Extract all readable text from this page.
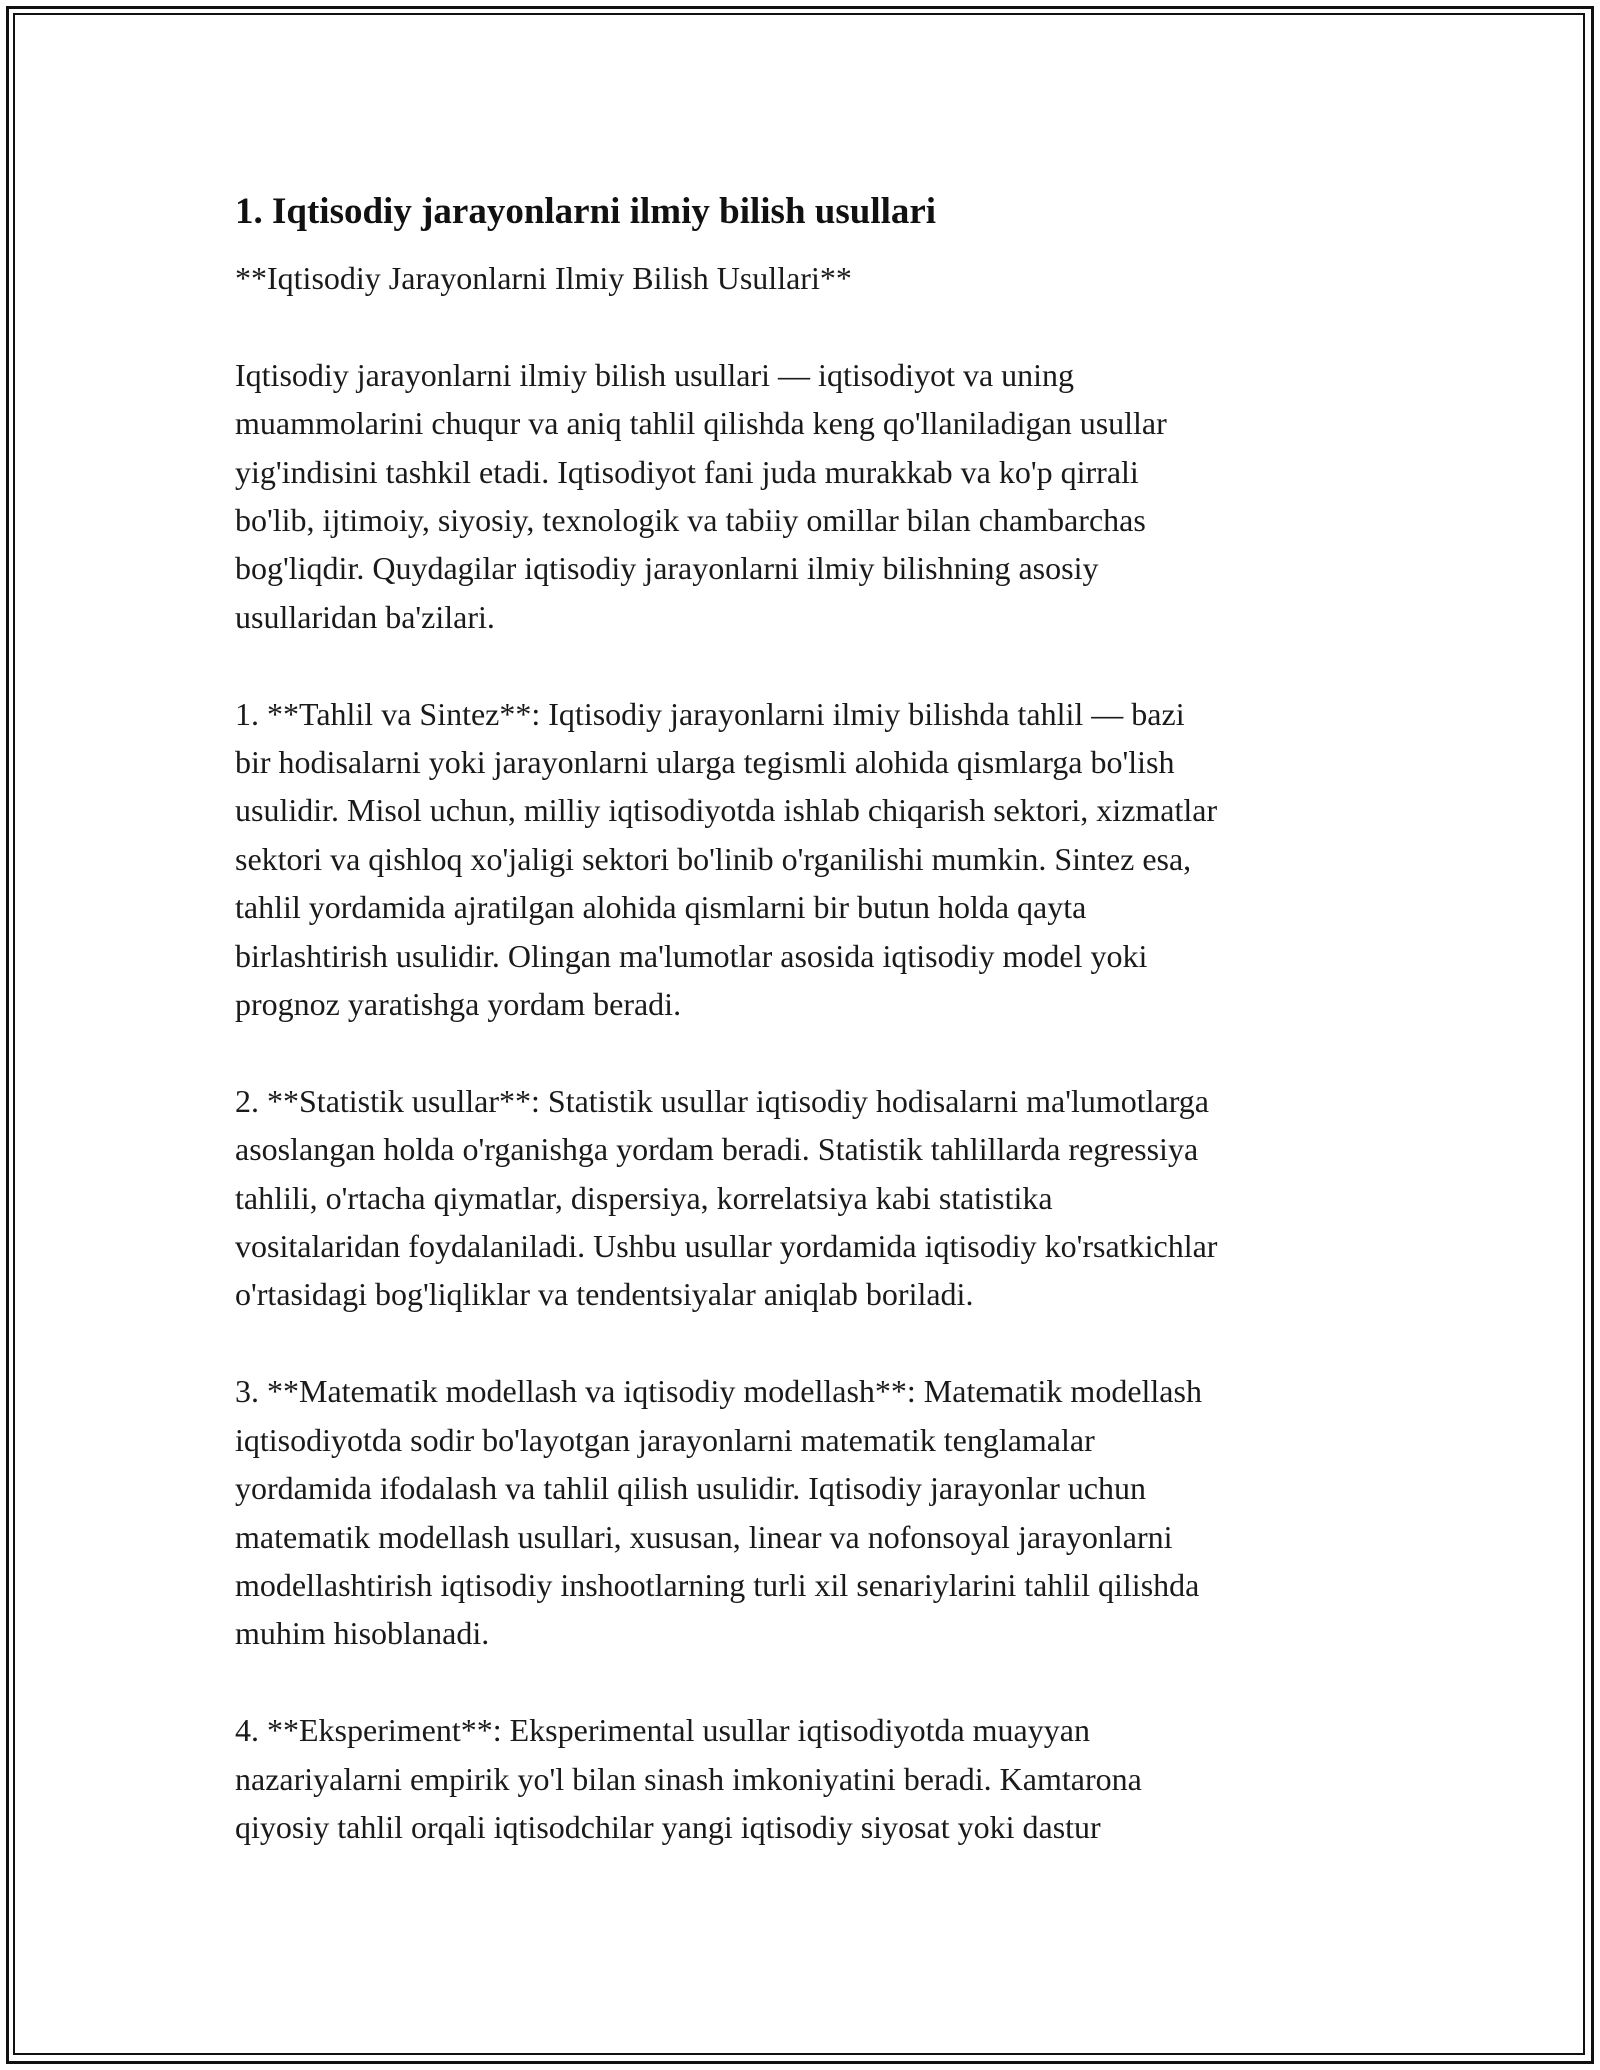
1. Iqtisodiy jarayonlarni ilmiy bilish usullari

**Iqtisodiy Jarayonlarni Ilmiy Bilish Usullari**

Iqtisodiy jarayonlarni ilmiy bilish usullari — iqtisodiyot va uning
muammolarini chuqur va aniq tahlil qilishda keng qo'llaniladigan usullar
yig'indisini tashkil etadi. Iqtisodiyot fani juda murakkab va ko'p qirrali
bo'lib, ijtimoiy, siyosiy, texnologik va tabiiy omillar bilan chambarchas
bog'liqdir. Quydagilar iqtisodiy jarayonlarni ilmiy bilishning asosiy
usullaridan ba'zilari.

1. **Tahlil va Sintez**: Iqtisodiy jarayonlarni ilmiy bilishda tahlil — bazi
bir hodisalarni yoki jarayonlarni ularga tegismli alohida qismlarga bo'lish
usulidir. Misol uchun, milliy iqtisodiyotda ishlab chiqarish sektori, xizmatlar
sektori va qishloq xo'jaligi sektori bo'linib o'rganilishi mumkin. Sintez esa,
tahlil yordamida ajratilgan alohida qismlarni bir butun holda qayta
birlashtirish usulidir. Olingan ma'lumotlar asosida iqtisodiy model yoki
prognoz yaratishga yordam beradi.

2. **Statistik usullar**: Statistik usullar iqtisodiy hodisalarni ma'lumotlarga
asoslangan holda o'rganishga yordam beradi. Statistik tahlillarda regressiya
tahlili, o'rtacha qiymatlar, dispersiya, korrelatsiya kabi statistika
vositalaridan foydalaniladi. Ushbu usullar yordamida iqtisodiy ko'rsatkichlar
o'rtasidagi bog'liqliklar va tendentsiyalar aniqlab boriladi.

3. **Matematik modellash va iqtisodiy modellash**: Matematik modellash
iqtisodiyotda sodir bo'layotgan jarayonlarni matematik tenglamalar
yordamida ifodalash va tahlil qilish usulidir. Iqtisodiy jarayonlar uchun
matematik modellash usullari, xususan, linear va nofonsoyal jarayonlarni
modellashtirish iqtisodiy inshootlarning turli xil senariylarini tahlil qilishda
muhim hisoblanadi.

4. **Eksperiment**: Eksperimental usullar iqtisodiyotda muayyan
nazariyalarni empirik yo'l bilan sinash imkoniyatini beradi. Kamtarona
qiyosiy tahlil orqali iqtisodchilar yangi iqtisodiy siyosat yoki dastur
